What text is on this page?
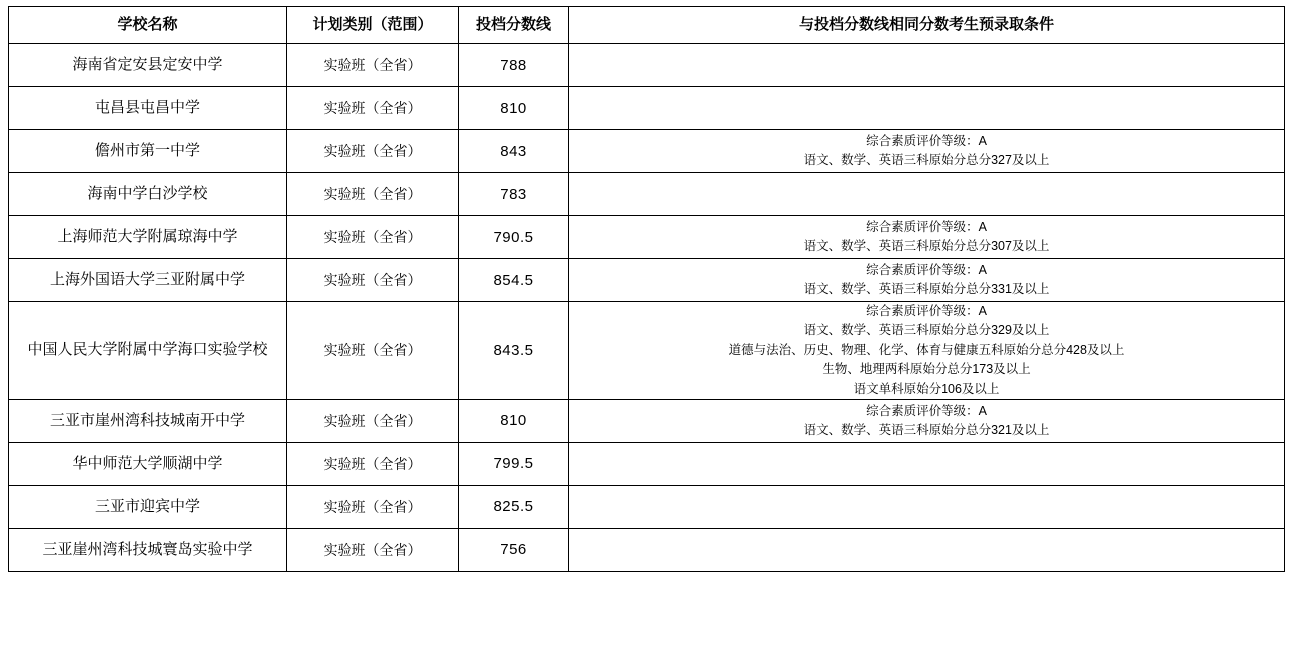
学校名称	计划类别（范围）	投档分数线	与投档分数线相同分数考生预录取条件
海南省定安县定安中学	实验班（全省）	788	
屯昌县屯昌中学	实验班（全省）	810	
儋州市第一中学	实验班（全省）	843	综合素质评价等级：A
语文、数学、英语三科原始分总分327及以上

海南中学白沙学校	实验班（全省）	783	
上海师范大学附属琼海中学	实验班（全省）	790.5	综合素质评价等级：A
语文、数学、英语三科原始分总分307及以上

上海外国语大学三亚附属中学	实验班（全省）	854.5	综合素质评价等级：A
语文、数学、英语三科原始分总分331及以上

中国人民大学附属中学海口实验学校	实验班（全省）	843.5	综合素质评价等级：A
语文、数学、英语三科原始分总分329及以上
道德与法治、历史、物理、化学、体育与健康五科原始分总分428及以上
生物、地理两科原始分总分173及以上
语文单科原始分106及以上

三亚市崖州湾科技城南开中学	实验班（全省）	810	综合素质评价等级：A
语文、数学、英语三科原始分总分321及以上

华中师范大学顺湖中学	实验班（全省）	799.5	
三亚市迎宾中学	实验班（全省）	825.5	
三亚崖州湾科技城寰岛实验中学	实验班（全省）	756	
